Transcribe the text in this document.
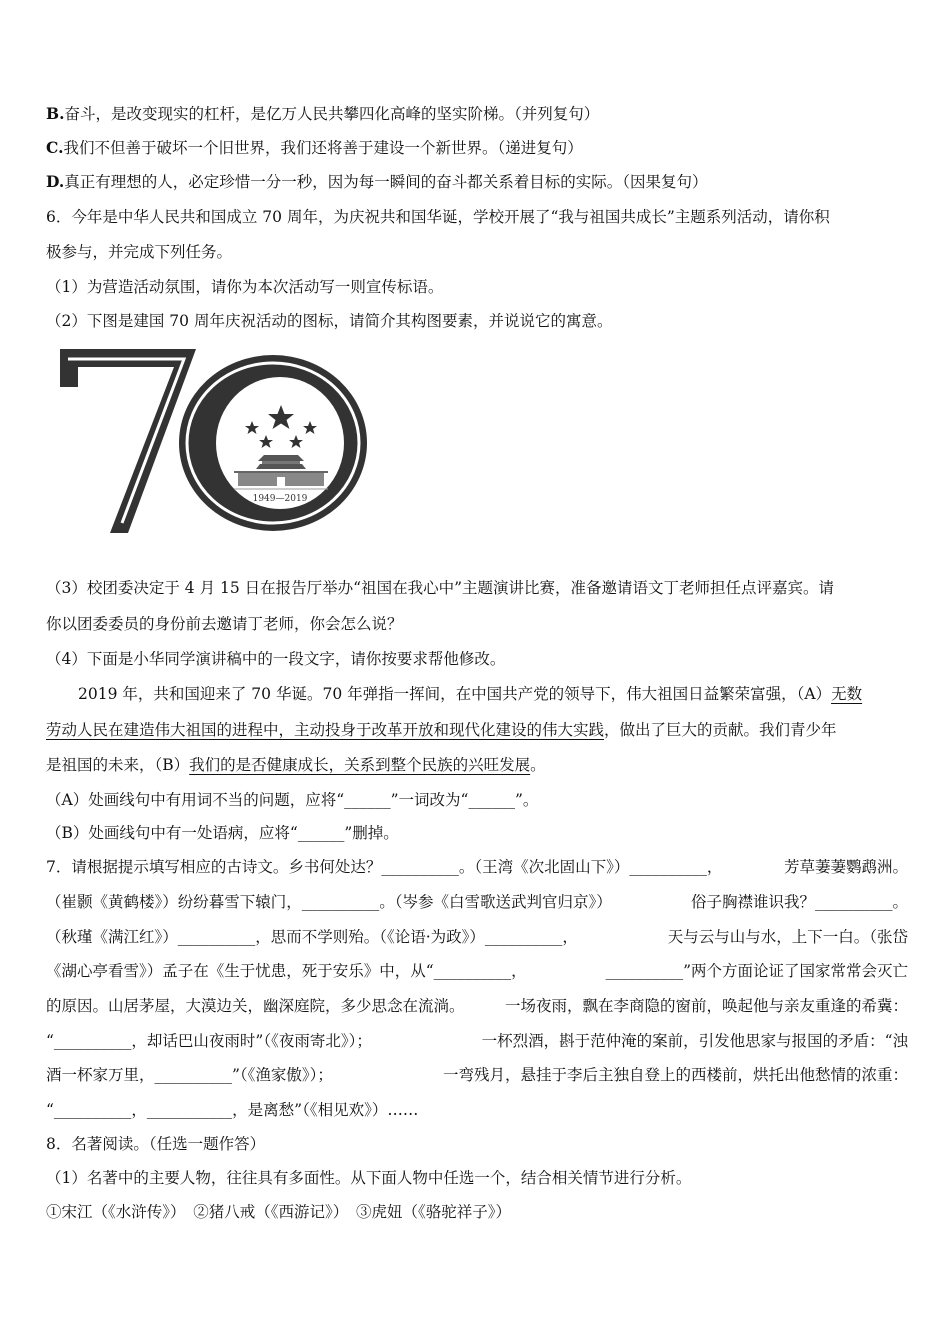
B.奋斗，是改变现实的杠杆，是亿万人民共攀四化高峰的坚实阶梯。（并列复句）
C.我们不但善于破坏一个旧世界，我们还将善于建设一个新世界。（递进复句）
D.真正有理想的人，必定珍惜一分一秒，因为每一瞬间的奋斗都关系着目标的实际。（因果复句）
6．今年是中华人民共和国成立 70 周年，为庆祝共和国华诞，学校开展了“我与祖国共成长”主题系列活动，请你积
极参与，并完成下列任务。
（1）为营造活动氛围，请你为本次活动写一则宣传标语。
（2）下图是建国 70 周年庆祝活动的图标，请简介其构图要素，并说说它的寓意。
1949—2019
（3）校团委决定于 4 月 15 日在报告厅举办“祖国在我心中”主题演讲比赛，准备邀请语文丁老师担任点评嘉宾。请
你以团委委员的身份前去邀请丁老师，你会怎么说？
（4）下面是小华同学演讲稿中的一段文字，请你按要求帮他修改。
2019 年，共和国迎来了 70 华诞。70 年弹指一挥间，在中国共产党的领导下，伟大祖国日益繁荣富强，（A）无数
劳动人民在建造伟大祖国的进程中，主动投身于改革开放和现代化建设的伟大实践，做出了巨大的贡献。我们青少年
是祖国的未来，（B）我们的是否健康成长，关系到整个民族的兴旺发展。
（A）处画线句中有用词不当的问题，应将“______”一词改为“______”。
（B）处画线句中有一处语病，应将“______”删掉。
7．请根据提示填写相应的古诗文。乡书何处达？__________。（王湾《次北固山下》）__________，	芳草萋萋鹦鹉洲。
（崔颢《黄鹤楼》）纷纷暮雪下辕门，__________。（岑参《白雪歌送武判官归京》）	俗子胸襟谁识我？__________。
（秋瑾《满江红》）__________，思而不学则殆。（《论语·为政》）__________，	天与云与山与水，上下一白。（张岱
《湖心亭看雪》）孟子在《生于忧患，死于安乐》中，从“__________，	__________”两个方面论证了国家常常会灭亡
的原因。山居茅屋，大漠边关，幽深庭院，多少思念在流淌。	一场夜雨，飘在李商隐的窗前，唤起他与亲友重逢的希冀：
“__________，却话巴山夜雨时”（《夜雨寄北》）；	一杯烈酒，斟于范仲淹的案前，引发他思家与报国的矛盾：“浊
酒一杯家万里，__________”（《渔家傲》）；	一弯残月，悬挂于李后主独自登上的西楼前，烘托出他愁情的浓重：
“__________，___________，是离愁”（《相见欢》）……
8．名著阅读。（任选一题作答）
（1）名著中的主要人物，往往具有多面性。从下面人物中任选一个，结合相关情节进行分析。
①宋江（《水浒传》）　②猪八戒（《西游记》）　③虎妞（《骆驼祥子》）
